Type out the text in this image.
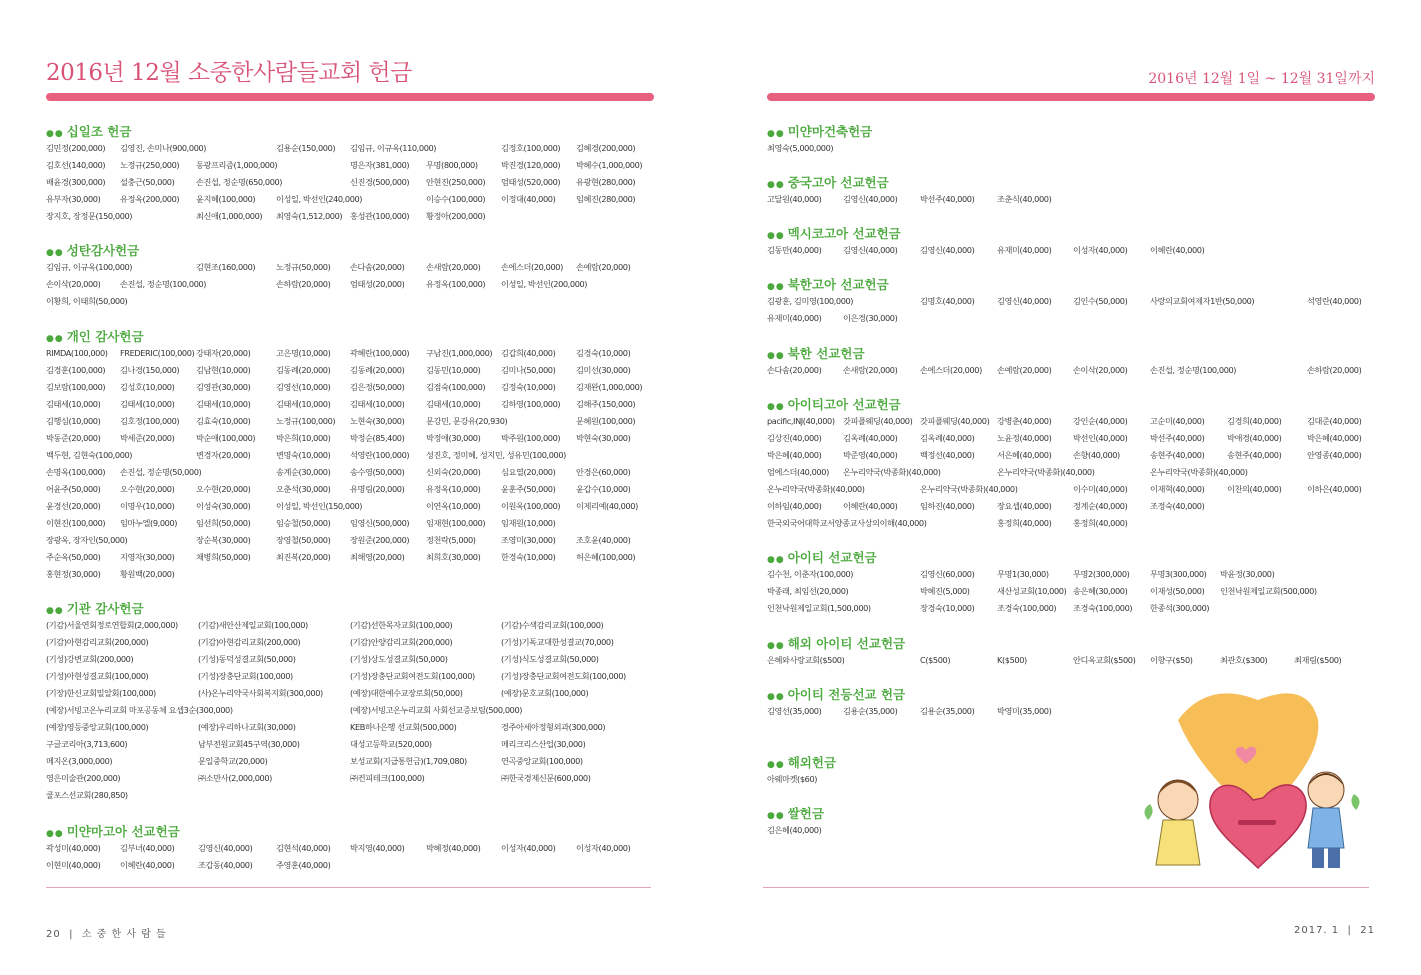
2016년 12월 소중한사람들교회 헌금
●● 십일조 헌금
김민정(200,000) 김영진, 손미나(900,000)	김용순(150,000) 김임규, 이규옥(110,000)	김정호(100,000) 김혜경(200,000)
김호선(140,000) 노정규(250,000) 동광프리즘(1,000,000)	명은자(381,000) 무명(800,000)	박진경(120,000) 박혜수(1,000,000)
배윤경(300,000) 설충근(50,000)	손진섭, 정순명(650,000)	신진경(500,000) 안현진(250,000) 엄태성(520,000) 유광현(280,000)
유부자(30,000) 유정옥(200,000) 윤지혜(100,000)	이성일, 박선인(240,000)	이승수(100,000) 이정대(40,000)	임혜진(280,000)
장지호, 장정문(150,000)	최신애(1,000,000) 최영숙(1,512,000) 홍성관(100,000) 황정아(200,000)
●● 성탄감사헌금
김임규, 이규옥(100,000)	김현조(160,000)	노정규(50,000) 손다솜(20,000)	손새람(20,000)	손에스더(20,000) 손예람(20,000)
손이삭(20,000) 손진섭, 정순명(100,000)	손하람(20,000) 엄태성(20,000)	유정옥(100,000) 이성일, 박선인(200,000)
이황희, 이태희(50,000)
●● 개인 감사헌금
RIMDA(100,000) FREDERIC(100,000) 강태자(20,000)	고은명(10,000) 곽혜란(100,000) 구남진(1,000,000) 김갑희(40,000)	김경숙(10,000)
김경훈(100,000) 김나경(150,000) 김남현(10,000)	김동례(20,000) 김동례(20,000)	김동민(10,000)	김미나(50,000)	김미선(30,000)
김보람(100,000) 김성호(10,000)	김영관(30,000)	김영선(10,000) 김은정(50,000)	김점숙(100,000) 김정숙(10,000)	김재완(1,000,000)
김태세(10,000) 김태세(10,000)	김태세(10,000)	김태세(10,000) 김태세(10,000)	김태세(10,000)	김하영(100,000) 김해주(150,000)
김행심(10,000) 김호정(100,000) 김효숙(10,000)	노정규(100,000) 노현숙(30,000)	문강민, 문강유(20,930)	문혜원(100,000)
박동준(20,000) 박세준(20,000)	박순애(100,000)	박은희(10,000) 박정순(85,400)	박정애(30,000)	박주원(100,000) 박현숙(30,000)
백두현, 김현숙(100,000)	변경자(20,000)	변명숙(10,000) 석영란(100,000) 성진호, 정미혜, 성지민, 성유민(100,000)
손명옥(100,000) 손진섭, 정순명(50,000)	송계순(30,000) 송수영(50,000)	신외숙(20,000)	심요열(20,000)	안경은(60,000)
어윤주(50,000) 오수현(20,000)	오수현(20,000)	오춘석(30,000) 유명림(20,000)	유정옥(10,000)	윤훈주(50,000)	윤갑수(10,000)
윤경선(20,000) 이명우(10,000)	이성숙(30,000)	이성일, 박선인(150,000)	이연옥(10,000)	이원옥(100,000) 이제리예(40,000)
이현진(100,000) 임마누엘(9,000) 임선희(50,000)	임승철(50,000) 임영신(500,000) 임재현(100,000) 임재원(10,000)
장광옥, 장자인(50,000)	장순복(30,000)	장영철(50,000) 장원준(200,000) 정천락(5,000)	조영미(30,000)	조호윤(40,000)
주순옥(50,000) 지영자(30,000)	채병희(50,000)	최진복(20,000) 최해영(20,000)	최희호(30,000)	한경숙(10,000)	허은혜(100,000)
홍현정(30,000) 황원백(20,000)
●● 기관 감사헌금
(기감)서울연회정로연합회(2,000,000) (기감)새안산제일교회(100,000)	(기감)선한목자교회(100,000)	(기감)수색감리교회(100,000)
(기감)아현감리교회(200,000)	(기감)아현감리교회(200,000)	(기감)안양감리교회(200,000)	(기성)기독교대한성결교(70,000)
(기성)강변교회(200,000)	(기성)동덕성결교회(50,000)	(기성)상도성결교회(50,000)	(기성)식도성결교회(50,000)
(기성)아현성결교회(100,000)	(기성)장충단교회(100,000)	(기성)장충단교회여전도회(100,000)	(기성)장충단교회여전도회(100,000)
(기장)한신교회밀알회(100,000)	(사)온누리약국사회복지회(300,000)	(예장)대한예수교장로회(50,000)	(예장)문호교회(100,000)
(예장)서빙고온누리교회 마포공동체 요셉3순(300,000)	(예장)서빙고온누리교회 사회선교증보팀(500,000)
(예장)영등중앙교회(100,000)	(예장)우리하나교회(30,000)	KEB하나은행 선교회(500,000)	경주아세아정형외과(300,000)
구글코리아(3,713,600)	남부전원교회45구역(30,000)	대성고등학교(520,000)	메리크리스산업(30,000)
메지온(3,000,000)	문일중학교(20,000)	보성교회(지급통헌금)(1,709,080)	연곡중앙교회(100,000)
영은미술관(200,000)	㈜소만사(2,000,000)	㈜컨피테크(100,000)	㈜한국경제신문(600,000)
쿨포스선교회(280,850)
●● 미얀마고아 선교헌금
곽성미(40,000) 김부녀(40,000)	김영신(40,000)	김현석(40,000) 박지영(40,000)	박혜정(40,000)	이성자(40,000)	이성자(40,000)
이현미(40,000) 이혜란(40,000)	조갑동(40,000)	주영훈(40,000)
20  |  소 중 한 사 람 들
2016년 12월 1일 ~ 12월 31일까지
●● 미얀마건축헌금
최영숙(5,000,000)
●● 중국고아 선교헌금
고달원(40,000)	김영신(40,000)	박선주(40,000)	조춘식(40,000)
●● 멕시코고아 선교헌금
김동만(40,000)	김영신(40,000)	김영신(40,000)	유재미(40,000)	이성자(40,000)	이혜란(40,000)
●● 북한고아 선교헌금
김광훈, 김미영(100,000)	김명호(40,000)	김영신(40,000)	김인수(50,000)	사랑의교회여제자1반(50,000)	석영란(40,000)
유재미(40,000)	이은경(30,000)
●● 북한 선교헌금
손다솜(20,000)	손새람(20,000)	손에스더(20,000) 손예람(20,000)	손이삭(20,000)	손진섭, 정순명(100,000)	손하람(20,000)
●● 아이티고아 선교헌금
pacific,INJ(40,000) 갓피플웨딩(40,000) 갓피플웨딩(40,000) 강병춘(40,000)	강인순(40,000)	고순미(40,000)	김경희(40,000)	김대준(40,000)
김상진(40,000)	김옥례(40,000)	김옥례(40,000)	노윤정(40,000)	박선인(40,000)	박선주(40,000)	박애경(40,000)	박은혜(40,000)
박은혜(40,000)	박준영(40,000)	백정선(40,000)	서은혜(40,000)	손향(40,000)	송현주(40,000)	송현주(40,000)	안영종(40,000)
엄에스더(40,000) 온누리약국(박종화)(40,000)	온누리약국(박종화)(40,000)	온누리약국(박종화)(40,000)
온누리약국(박종화)(40,000)	온누리약국(박종화)(40,000)	이수미(40,000)	이재혁(40,000)	이찬의(40,000)	이하은(40,000)
이하임(40,000)	이혜란(40,000)	임하진(40,000)	장요셉(40,000)	정계순(40,000)	조정숙(40,000)
한국외국어대학교서양종교사상의이해(40,000)	홍정희(40,000)	홍정희(40,000)
●● 아이티 선교헌금
김수천, 이춘자(100,000)	김영신(60,000)	무명1(30,000)	무명2(300,000)	무명3(300,000) 박윤정(30,000)
박종래, 최임선(20,000)	박혜진(5,000)	새산성교회(10,000) 송은혜(30,000)	이재성(50,000) 인천낙원제일교회(500,000)
인천낙원제일교회(1,500,000)	장경숙(10,000)	조경숙(100,000) 조경숙(100,000) 한종석(300,000)
●● 해외 아이티 선교헌금
은혜와사랑교회($500)	C($500)	K($500)	안디옥교회($500) 이향구($50)	최관호($300)	최재림($500)
●● 아이티 전등선교 헌금
김영선(35,000)	김용순(35,000)	김용순(35,000)	박영미(35,000)
●● 해외헌금
아웨마켓($60)
●● 쌀헌금
김은혜(40,000)
2017. 1  |  21
